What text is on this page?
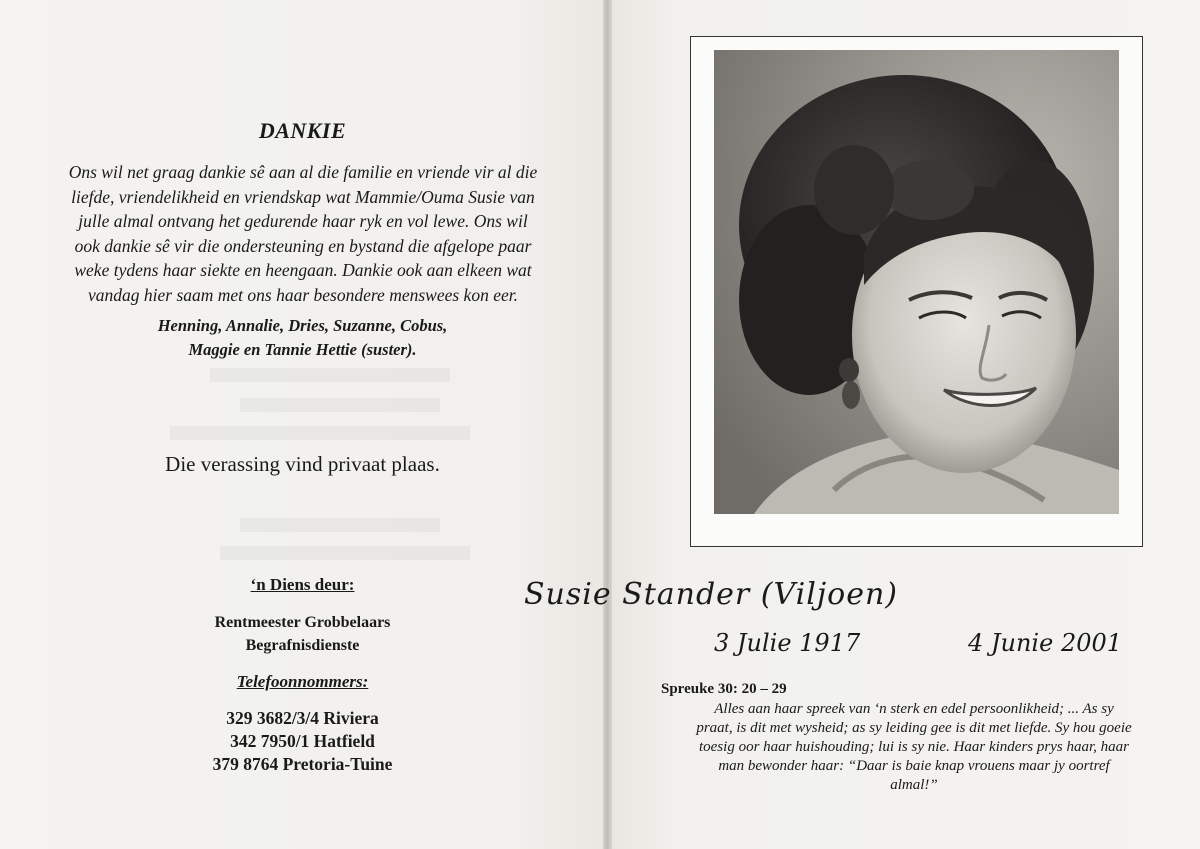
DANKIE
Ons wil net graag dankie sê aan al die familie en vriende vir al die
liefde, vriendelikheid en vriendskap wat Mammie/Ouma Susie van
julle almal ontvang het gedurende haar ryk en vol lewe. Ons wil
ook dankie sê vir die ondersteuning en bystand die afgelope paar
weke tydens haar siekte en heengaan. Dankie ook aan elkeen wat
vandag hier saam met ons haar besondere menswees kon eer.
Henning, Annalie, Dries, Suzanne, Cobus,
Maggie en Tannie Hettie (suster).
Die verassing vind privaat plaas.
‘n Diens deur:
Rentmeester Grobbelaars
Begrafnisdienste
Telefoonnommers:
329 3682/3/4 Riviera
342 7950/1 Hatfield
379 8764 Pretoria-Tuine
Susie Stander (Viljoen)
3 Julie 1917	4 Junie 2001
Spreuke 30: 20 – 29
Alles aan haar spreek van ‘n sterk en edel persoonlikheid; ... As sy
praat, is dit met wysheid; as sy leiding gee is dit met liefde. Sy hou goeie
toesig oor haar huishouding; lui is sy nie. Haar kinders prys haar, haar
man bewonder haar: “Daar is baie knap vrouens maar jy oortref
almal!”
